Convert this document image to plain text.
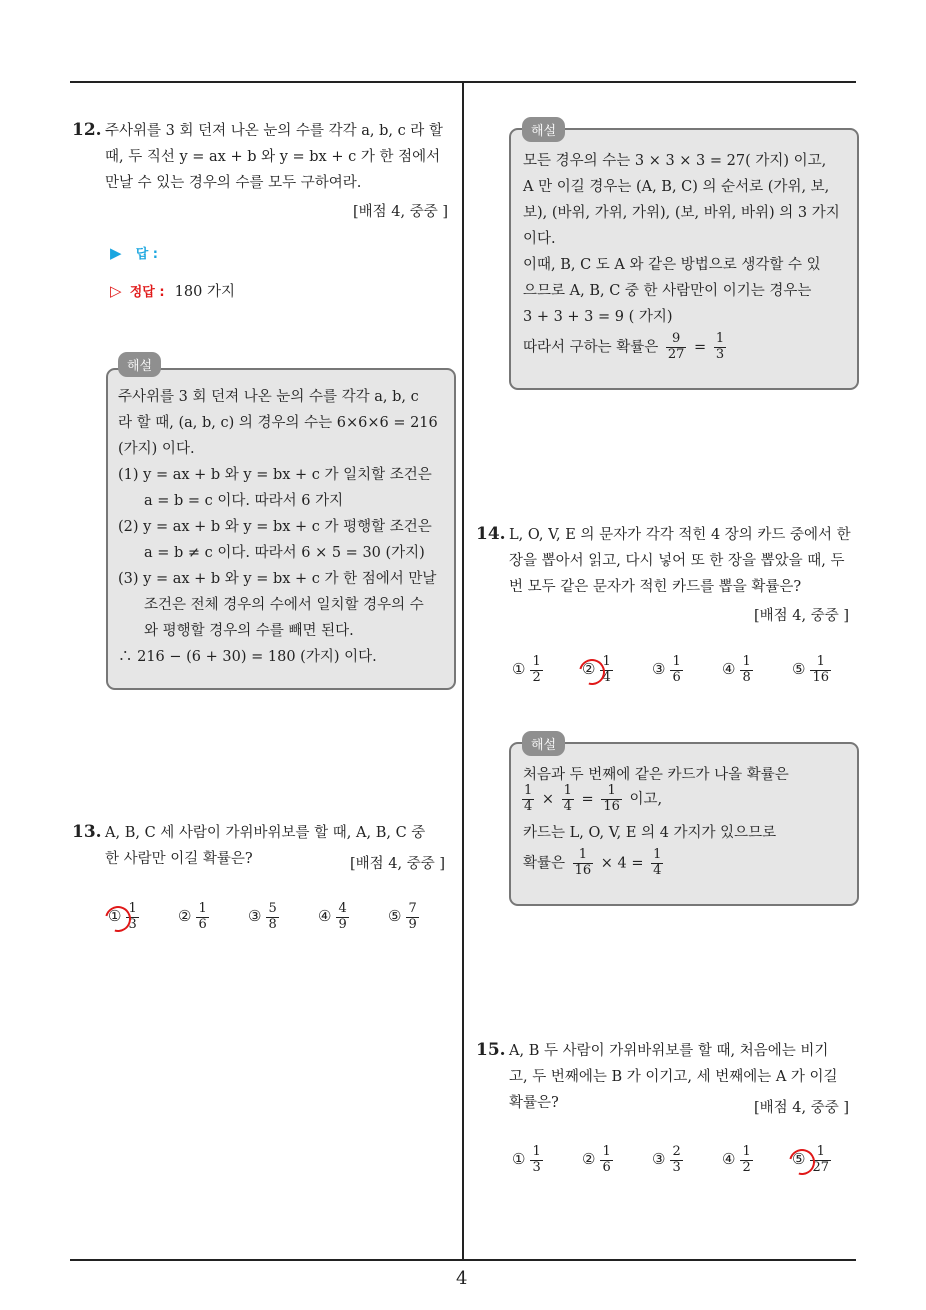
12. 주사위를 3 회 던져 나온 눈의 수를 각각 a, b, c 라 할
때, 두 직선 y = ax + b 와 y = bx + c 가 한 점에서
만날 수 있는 경우의 수를 모두 구하여라.
[배점 4, 중중 ]
▶ 답 :
▷ 정답 : 180 가지
주사위를 3 회 던져 나온 눈의 수를 각각 a, b, c
라 할 때, (a, b, c) 의 경우의 수는 6×6×6 = 216
(가지) 이다.
(1) y = ax + b 와 y = bx + c 가 일치할 조건은
a = b = c 이다. 따라서 6 가지
(2) y = ax + b 와 y = bx + c 가 평행할 조건은
a = b ≠ c 이다. 따라서 6 × 5 = 30 (가지)
(3) y = ax + b 와 y = bx + c 가 한 점에서 만날
조건은 전체 경우의 수에서 일치할 경우의 수
와 평행할 경우의 수를 빼면 된다.
∴ 216 − (6 + 30) = 180 (가지) 이다.
해설
13. A, B, C 세 사람이 가위바위보를 할 때, A, B, C 중
한 사람만 이길 확률은?	[배점 4, 중중 ]
① $\frac{1}{3}$	② $\frac{1}{6}$	③ $\frac{5}{8}$	④ $\frac{4}{9}$	⑤ $\frac{7}{9}$
모든 경우의 수는 3 × 3 × 3 = 27( 가지) 이고,
A 만 이길 경우는 (A, B, C) 의 순서로 (가위, 보,
보), (바위, 가위, 가위), (보, 바위, 바위) 의 3 가지
이다.
이때, B, C 도 A 와 같은 방법으로 생각할 수 있
으므로 A, B, C 중 한 사람만이 이기는 경우는
3 + 3 + 3 = 9 ( 가지)
따라서 구하는 확률은 $\frac{9}{27} = \frac{1}{3}$
해설
14. L, O, V, E 의 문자가 각각 적힌 4 장의 카드 중에서 한
장을 뽑아서 읽고, 다시 넣어 또 한 장을 뽑았을 때, 두
번 모두 같은 문자가 적힌 카드를 뽑을 확률은?
[배점 4, 중중 ]
① $\frac{1}{2}$	② $\frac{1}{4}$	③ $\frac{1}{6}$	④ $\frac{1}{8}$	⑤ $\frac{1}{16}$
처음과 두 번째에 같은 카드가 나올 확률은
$\frac{1}{4} \times \frac{1}{4} = \frac{1}{16}$ 이고,
카드는 L, O, V, E 의 4 가지가 있으므로
확률은 $\frac{1}{16} \times 4 = \frac{1}{4}$
해설
15. A, B 두 사람이 가위바위보를 할 때, 처음에는 비기
고, 두 번째에는 B 가 이기고, 세 번째에는 A 가 이길
확률은?	[배점 4, 중중 ]
① $\frac{1}{3}$	② $\frac{1}{6}$	③ $\frac{2}{3}$	④ $\frac{1}{2}$	⑤ $\frac{1}{27}$
4
